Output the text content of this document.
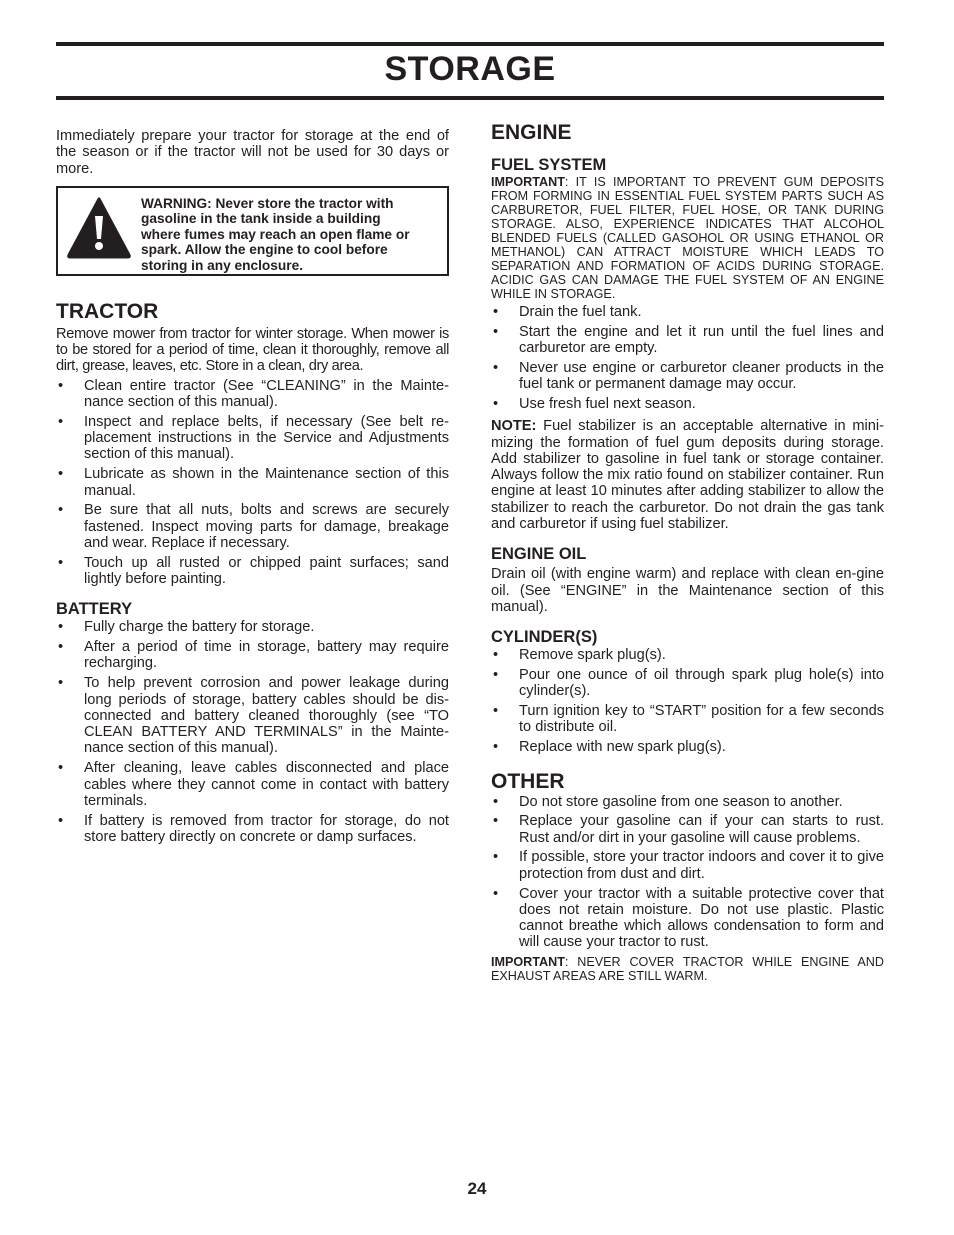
STORAGE

Immediately prepare your tractor for storage at the end of the season or if the tractor will not be used for 30 days or more.

WARNING: Never store the tractor with gasoline in the tank inside a building where fumes may reach an open flame or spark. Allow the engine to cool before storing in any enclosure.
TRACTOR

Remove mower from tractor for winter storage. When mower is to be stored for a period of time, clean it thoroughly, remove all dirt, grease, leaves, etc. Store in a clean, dry area.

• Clean entire tractor (See “CLEANING” in the Mainte-nance section of this manual).
• Inspect and replace belts, if necessary (See belt re-placement instructions in the Service and Adjustments section of this manual).
• Lubricate as shown in the Maintenance section of this manual.
• Be sure that all nuts, bolts and screws are securely fastened. Inspect moving parts for damage, breakage and wear. Replace if necessary.
• Touch up all rusted or chipped paint surfaces; sand lightly before painting.
BATTERY
• Fully charge the battery for storage.
• After a period of time in storage, battery may require recharging.
• To help prevent corrosion and power leakage during long periods of storage, battery cables should be dis-connected and battery cleaned thoroughly (see “TO CLEAN BATTERY AND TERMINALS” in the Mainte-nance section of this manual).
• After cleaning, leave cables disconnected and place cables where they cannot come in contact with battery terminals.
• If battery is removed from tractor for storage, do not store battery directly on concrete or damp surfaces.
ENGINE
FUEL SYSTEM

IMPORTANT: IT IS IMPORTANT TO PREVENT GUM DEPOSITS FROM FORMING IN ESSENTIAL FUEL SYSTEM PARTS SUCH AS CARBURETOR, FUEL FILTER, FUEL HOSE, OR TANK DURING STORAGE. ALSO, EXPERIENCE INDICATES THAT ALCOHOL BLENDED FUELS (CALLED GASOHOL OR USING ETHANOL OR METHANOL) CAN ATTRACT MOISTURE WHICH LEADS TO SEPARATION AND FORMATION OF ACIDS DURING STORAGE. ACIDIC GAS CAN DAMAGE THE FUEL SYSTEM OF AN ENGINE WHILE IN STORAGE.

• Drain the fuel tank.
• Start the engine and let it run until the fuel lines and carburetor are empty.
• Never use engine or carburetor cleaner products in the fuel tank or permanent damage may occur.
• Use fresh fuel next season.

NOTE: Fuel stabilizer is an acceptable alternative in mini-mizing the formation of fuel gum deposits during storage. Add stabilizer to gasoline in fuel tank or storage container. Always follow the mix ratio found on stabilizer container. Run engine at least 10 minutes after adding stabilizer to allow the stabilizer to reach the carburetor. Do not drain the gas tank and carburetor if using fuel stabilizer.

ENGINE OIL

Drain oil (with engine warm) and replace with clean en-gine oil. (See “ENGINE” in the Maintenance section of this manual).

CYLINDER(S)
• Remove spark plug(s).
• Pour one ounce of oil through spark plug hole(s) into cylinder(s).
• Turn ignition key to “START” position for a few seconds to distribute oil.
• Replace with new spark plug(s).
OTHER
• Do not store gasoline from one season to another.
• Replace your gasoline can if your can starts to rust. Rust and/or dirt in your gasoline will cause problems.
• If possible, store your tractor indoors and cover it to give protection from dust and dirt.
• Cover your tractor with a suitable protective cover that does not retain moisture. Do not use plastic. Plastic cannot breathe which allows condensation to form and will cause your tractor to rust.

IMPORTANT: NEVER COVER TRACTOR WHILE ENGINE AND EXHAUST AREAS ARE STILL WARM.

24
